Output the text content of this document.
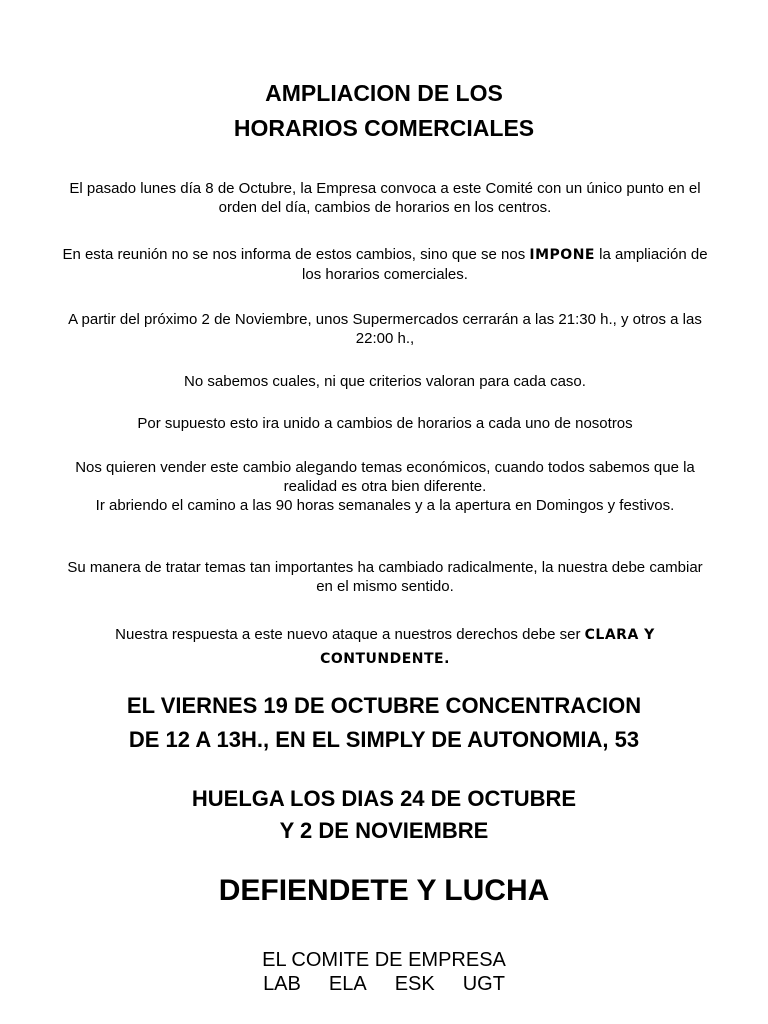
AMPLIACION DE LOS
HORARIOS COMERCIALES

El pasado lunes día 8 de Octubre, la Empresa convoca a este Comité con un único punto en el orden del día, cambios de horarios en los centros.

En esta reunión no se nos informa de estos cambios, sino que se nos IMPONE la ampliación de los horarios comerciales.

A partir del próximo 2 de Noviembre, unos Supermercados cerrarán a las 21:30 h., y otros a las 22:00 h.,

No sabemos cuales, ni que criterios valoran para cada caso.

Por supuesto esto ira unido a cambios de horarios a cada uno de nosotros

Nos quieren vender este cambio alegando temas económicos, cuando todos sabemos que la realidad es otra bien diferente.
Ir abriendo el camino a las 90 horas semanales y a la apertura en Domingos y festivos.

Su manera de tratar temas tan importantes ha cambiado radicalmente, la nuestra debe cambiar en el mismo sentido.

Nuestra respuesta a este nuevo ataque a nuestros derechos debe ser CLARA Y CONTUNDENTE.

EL VIERNES 19 DE OCTUBRE CONCENTRACION

DE 12 A 13H., EN EL SIMPLY DE AUTONOMIA, 53

HUELGA LOS DIAS 24 DE OCTUBRE

Y 2 DE NOVIEMBRE

DEFIENDETE Y LUCHA

EL COMITE DE EMPRESA

LAB ELA ESK UGT
